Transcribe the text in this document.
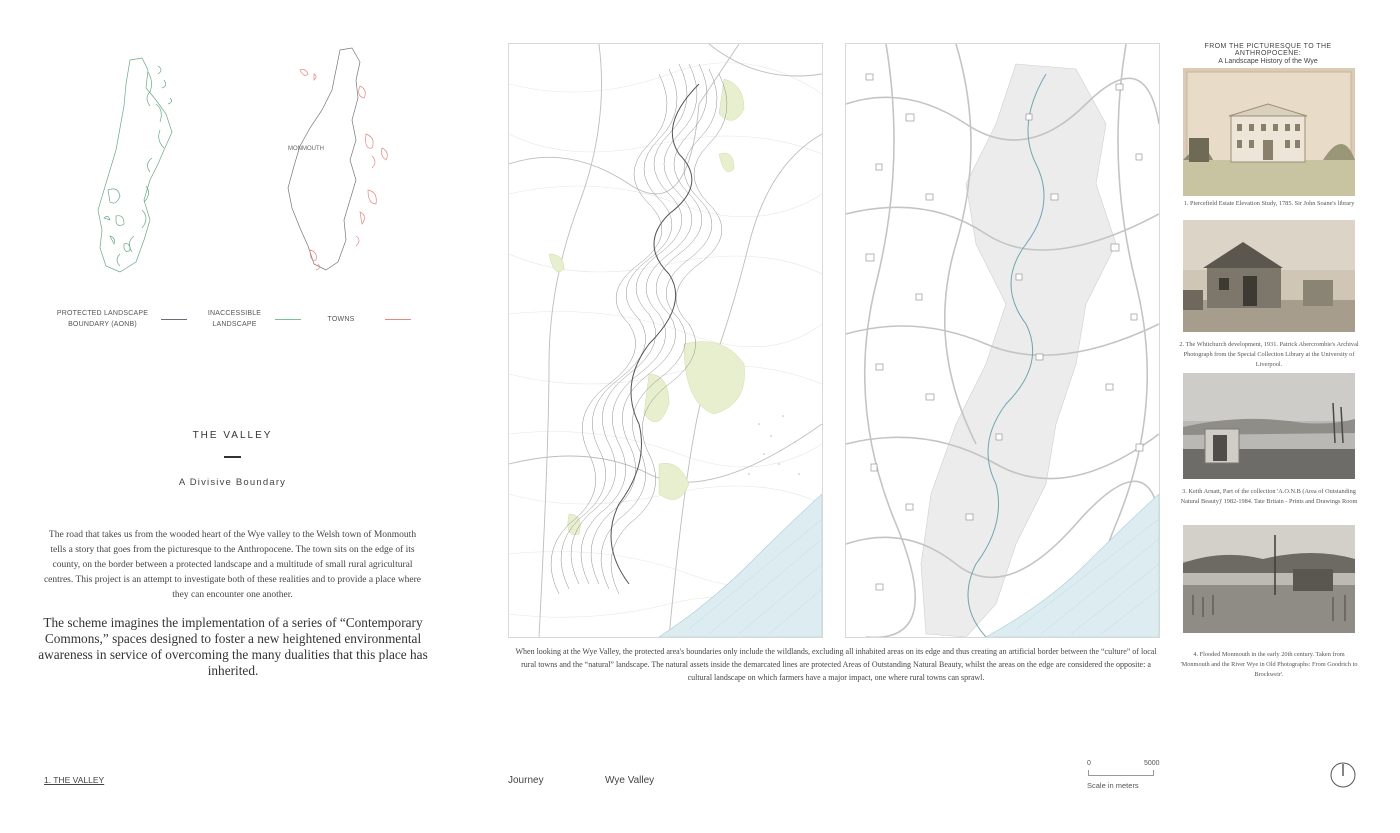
MONMOUTH
PROTECTED LANDSCAPE
BOUNDARY (AONB)
INACCESSIBLE
LANDSCAPE
TOWNS
THE VALLEY
A Divisive Boundary
The road that takes us from the wooded heart of the Wye valley to the Welsh town of Monmouth tells a story that goes from the picturesque to the Anthropocene. The town sits on the edge of its county, on the border between a protected landscape and a multitude of small rural agricultural centres. This project is an attempt to investigate both of these realities and to provide a place where they can encounter one another.
The scheme imagines the implementation of a series of “Contemporary Commons,” spaces designed to foster a new heightened environmental awareness in service of overcoming the many dualities that this place has inherited.
When looking at the Wye Valley, the protected area's boundaries only include the wildlands, excluding all inhabited areas on its edge and thus creating an artificial border between the “culture” of local rural towns and the “natural” landscape. The natural assets inside the demarcated lines are protected Areas of Outstanding Natural Beauty, whilst the areas on the edge are considered the opposite: a cultural landscape on which farmers have a major impact, one where rural towns can sprawl.
FROM THE PICTURESQUE TO THE ANTHROPOCENE:
A Landscape History of the Wye
1. Piercefield Estate Elevation Study, 1785. Sir John Soane's library
2. The Whitchurch development, 1931. Patrick Abercrombie's Archival Photograph from the Special Collection Library at the University of Liverpool.
3. Keith Arnatt, Part of the collection 'A.O.N.B (Area of Outstanding Natural Beauty)' 1982-1984. Tate Britain - Prints and Drawings Room
4. Flooded Monmouth in the early 20th century. Taken from 'Monmouth and the River Wye in Old Photographs: From Goodrich to Brockweir'.
1. THE VALLEY	Journey	Wye Valley
0	5000
Scale in meters
